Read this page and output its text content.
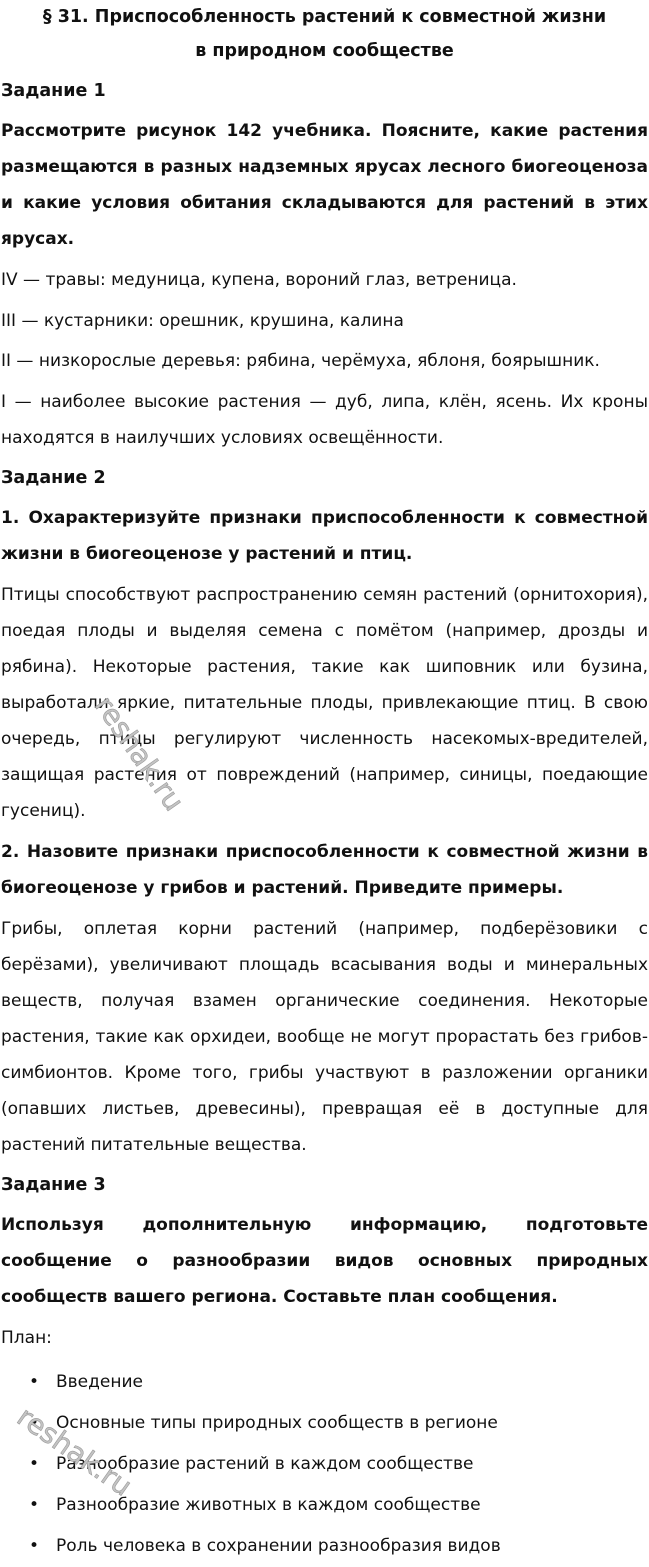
§ 31. Приспособленность растений к совместной жизни
в природном сообществе
Задание 1
Рассмотрите рисунок 142 учебника. Поясните, какие растения размещаются в разных надземных ярусах лесного биогеоценоза и какие условия обитания складываются для растений в этих ярусах.

IV — травы: медуница, купена, вороний глаз, ветреница.

III — кустарники: орешник, крушина, калина

II — низкорослые деревья: рябина, черёмуха, яблоня, боярышник.

I — наиболее высокие растения — дуб, липа, клён, ясень. Их кроны находятся в наилучших условиях освещённости.

Задание 2
1. Охарактеризуйте признаки приспособленности к совместной жизни в биогеоценозе у растений и птиц.

Птицы способствуют распространению семян растений (орнитохория), поедая плоды и выделяя семена с помётом (например, дрозды и рябина). Некоторые растения, такие как шиповник или бузина, выработали яркие, питательные плоды, привлекающие птиц. В свою очередь, птицы регулируют численность насекомых-вредителей, защищая растения от повреждений (например, синицы, поедающие гусениц).

2. Назовите признаки приспособленности к совместной жизни в биогеоценозе у грибов и растений. Приведите примеры.

Грибы, оплетая корни растений (например, подберёзовики с берёзами), увеличивают площадь всасывания воды и минеральных веществ, получая взамен органические соединения. Некоторые растения, такие как орхидеи, вообще не могут прорастать без грибов-симбионтов. Кроме того, грибы участвуют в разложении органики (опавших листьев, древесины), превращая её в доступные для растений питательные вещества.

Задание 3
Используя дополнительную информацию, подготовьте сообщение о разнообразии видов основных природных сообществ вашего региона. Составьте план сообщения.

План:

• Введение
• Основные типы природных сообществ в регионе
• Разнообразие растений в каждом сообществе
• Разнообразие животных в каждом сообществе
• Роль человека в сохранении разнообразия видов
reshak.ru
reshak.ru
